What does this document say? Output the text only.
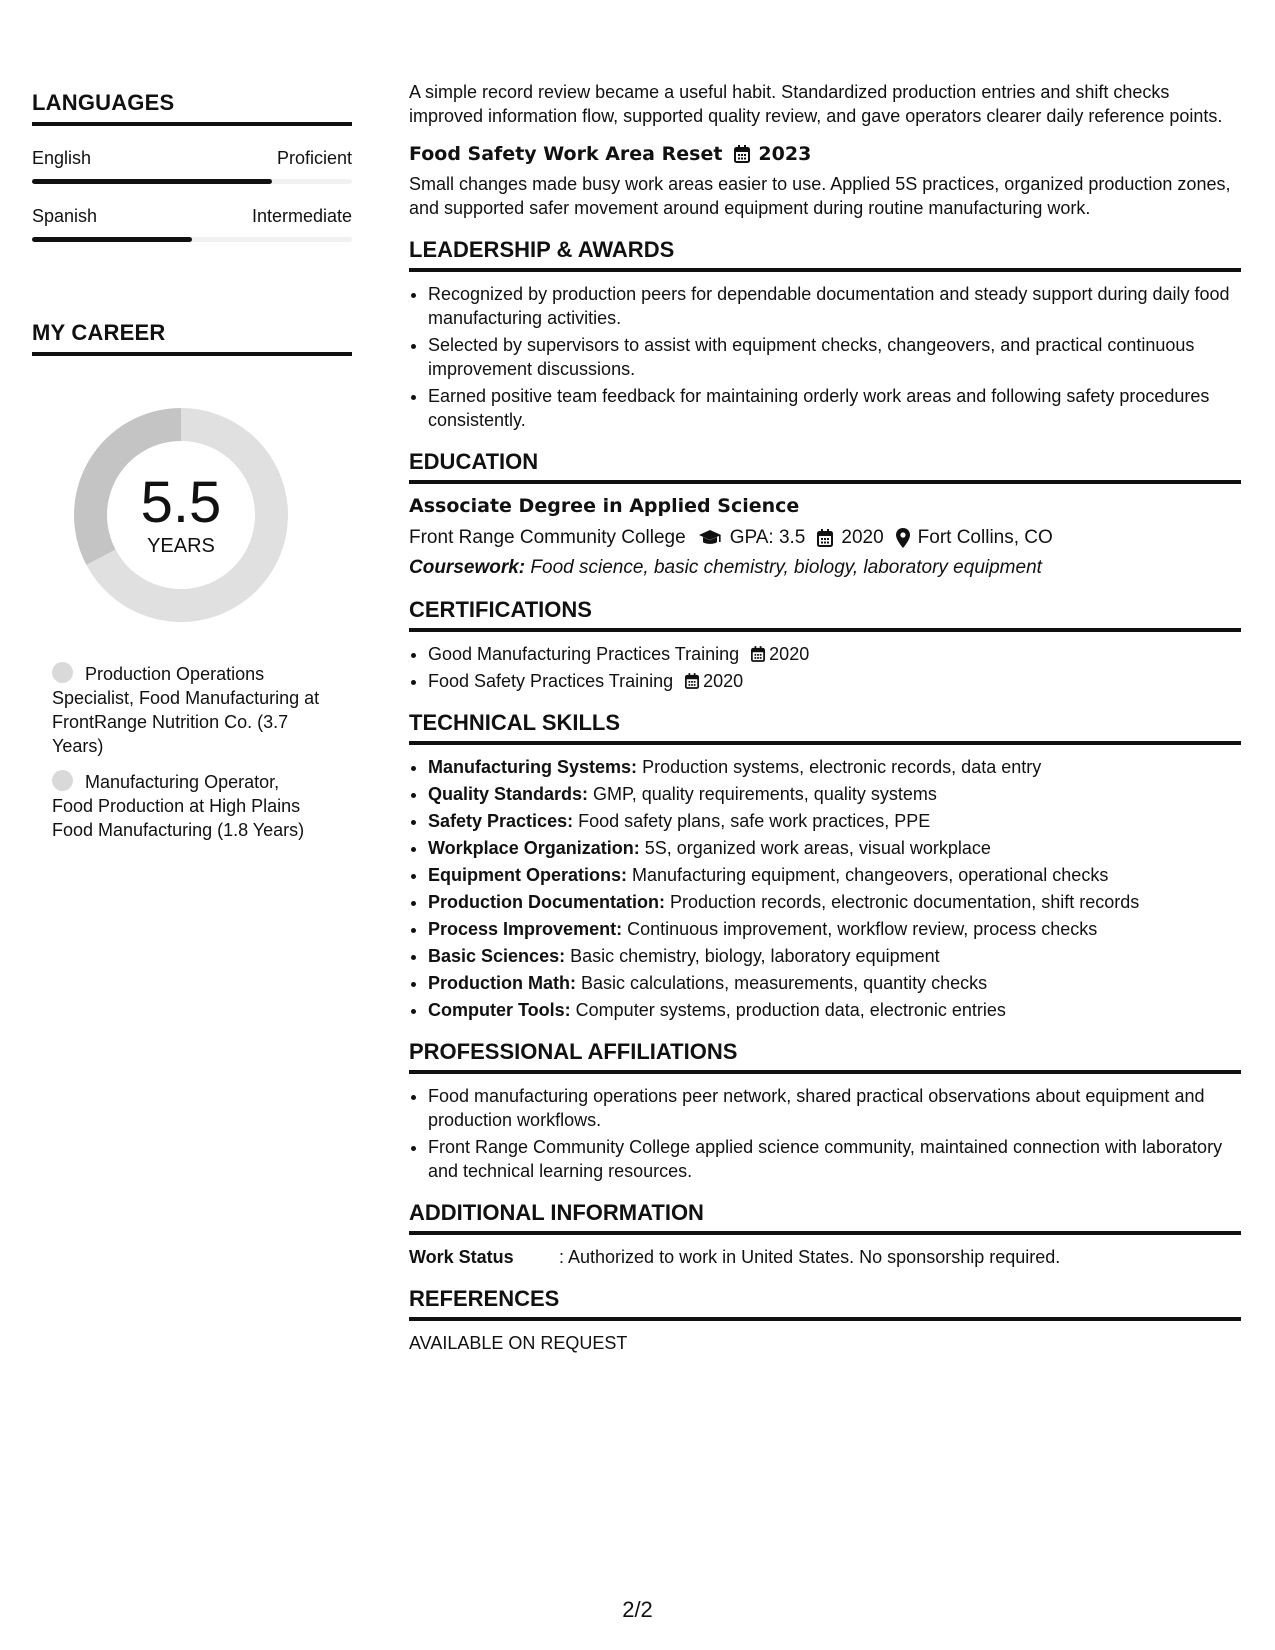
LANGUAGES
English	Proficient
Spanish	Intermediate
MY CAREER
5.5
YEARS
Production Operations Specialist, Food Manufacturing at FrontRange Nutrition Co. (3.7 Years)
Manufacturing Operator, Food Production at High Plains Food Manufacturing (1.8 Years)

A simple record review became a useful habit. Standardized production entries and shift checks improved information flow, supported quality review, and gave operators clearer daily reference points.

Food Safety Work Area Reset 2023

Small changes made busy work areas easier to use. Applied 5S practices, organized production zones, and supported safer movement around equipment during routine manufacturing work.

LEADERSHIP & AWARDS
• Recognized by production peers for dependable documentation and steady support during daily food manufacturing activities.
• Selected by supervisors to assist with equipment checks, changeovers, and practical continuous improvement discussions.
• Earned positive team feedback for maintaining orderly work areas and following safety procedures consistently.
EDUCATION
Associate Degree in Applied Science
Front Range Community College GPA: 3.5 2020 Fort Collins, CO
Coursework: Food science, basic chemistry, biology, laboratory equipment
CERTIFICATIONS
• Good Manufacturing Practices Training 2020
• Food Safety Practices Training 2020
TECHNICAL SKILLS
• Manufacturing Systems: Production systems, electronic records, data entry
• Quality Standards: GMP, quality requirements, quality systems
• Safety Practices: Food safety plans, safe work practices, PPE
• Workplace Organization: 5S, organized work areas, visual workplace
• Equipment Operations: Manufacturing equipment, changeovers, operational checks
• Production Documentation: Production records, electronic documentation, shift records
• Process Improvement: Continuous improvement, workflow review, process checks
• Basic Sciences: Basic chemistry, biology, laboratory equipment
• Production Math: Basic calculations, measurements, quantity checks
• Computer Tools: Computer systems, production data, electronic entries
PROFESSIONAL AFFILIATIONS
• Food manufacturing operations peer network, shared practical observations about equipment and production workflows.
• Front Range Community College applied science community, maintained connection with laboratory and technical learning resources.
ADDITIONAL INFORMATION
Work Status	: Authorized to work in United States. No sponsorship required.
REFERENCES
AVAILABLE ON REQUEST
2/2
